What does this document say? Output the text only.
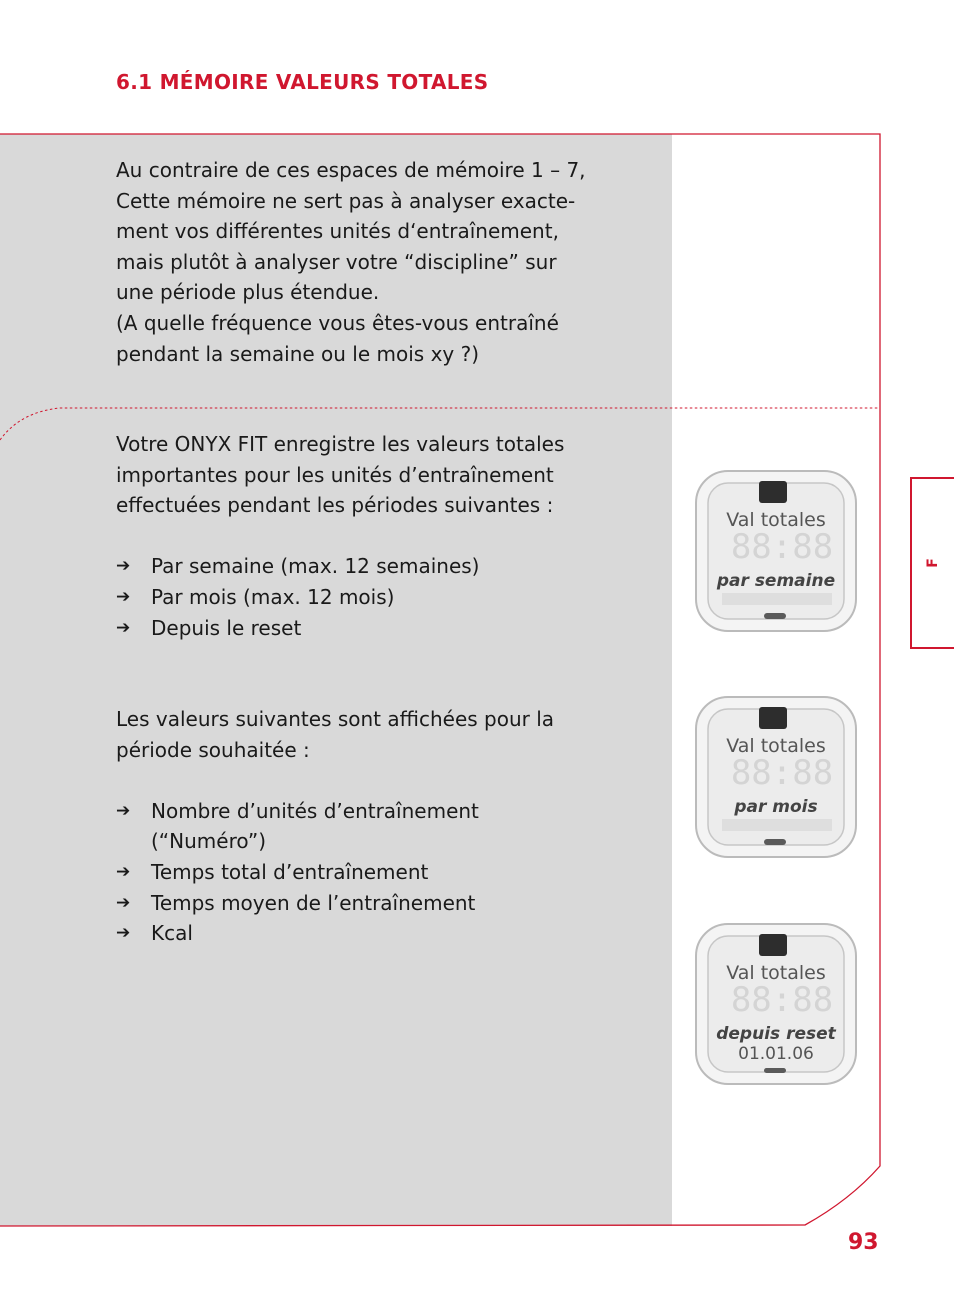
6.1 MÉMOIRE VALEURS TOTALES

Au contraire de ces espaces de mémoire 1 – 7,

Cette mémoire ne sert pas à analyser exacte-

ment vos différentes unités d‘entraînement,

mais plutôt à analyser votre “discipline” sur

une période plus étendue.

(A quelle fréquence vous êtes-vous entraîné

pendant la semaine ou le mois xy ?)

Votre ONYX FIT enregistre les valeurs totales

importantes pour les unités d’entraînement

effectuées pendant les périodes suivantes :

➔ Par semaine (max. 12 semaines)
➔ Par mois (max. 12 mois)
➔ Depuis le reset

Les valeurs suivantes sont affichées pour la

période souhaitée :

➔ Nombre d’unités d’entraînement
(“Numéro”)
➔ Temps total d’entraînement
➔ Temps moyen de l’entraînement
➔ Kcal
Val totales
88:88
par semaine
Val totales
88:88
par mois
Val totales
88:88
depuis reset
01.01.06
F
93
